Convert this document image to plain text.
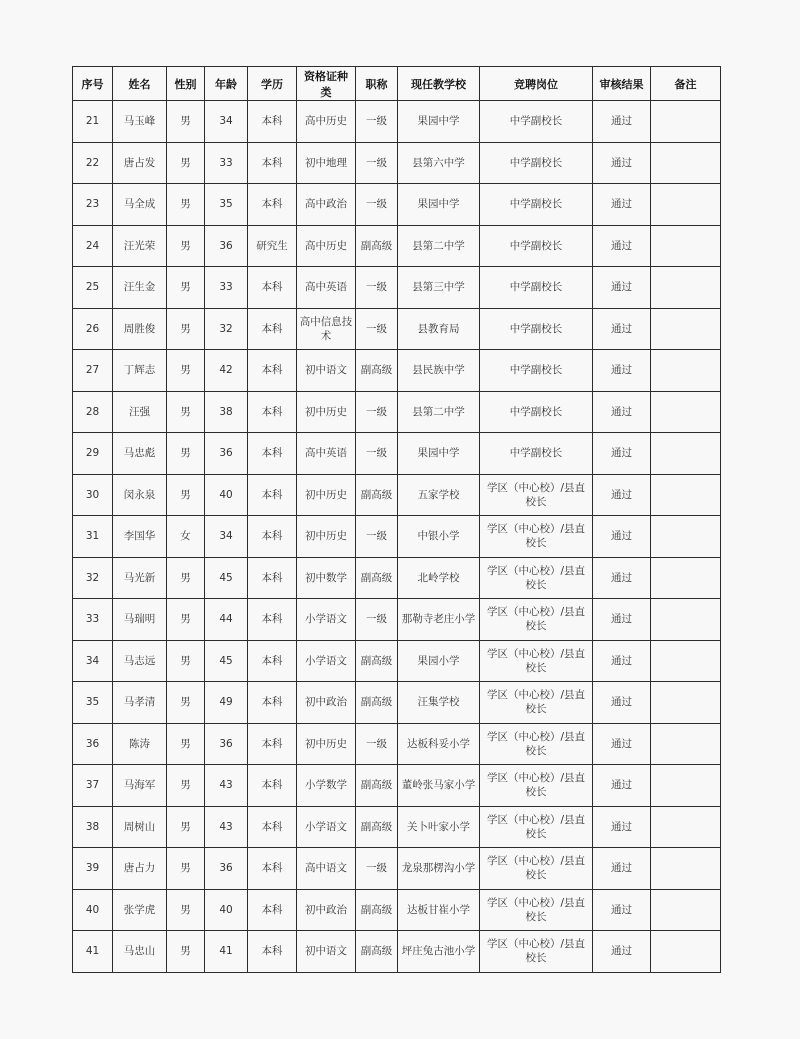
序号	姓名	性别	年龄	学历	资格证种类	职称	现任教学校	竞聘岗位	审核结果	备注
21	马玉峰	男	34	本科	高中历史	一级	果园中学	中学副校长	通过	
22	唐占发	男	33	本科	初中地理	一级	县第六中学	中学副校长	通过	
23	马全成	男	35	本科	高中政治	一级	果园中学	中学副校长	通过	
24	汪光荣	男	36	研究生	高中历史	副高级	县第二中学	中学副校长	通过	
25	汪生金	男	33	本科	高中英语	一级	县第三中学	中学副校长	通过	
26	周胜俊	男	32	本科	高中信息技术	一级	县教育局	中学副校长	通过	
27	丁辉志	男	42	本科	初中语文	副高级	县民族中学	中学副校长	通过	
28	汪强	男	38	本科	初中历史	一级	县第二中学	中学副校长	通过	
29	马忠彪	男	36	本科	高中英语	一级	果园中学	中学副校长	通过	
30	闵永泉	男	40	本科	初中历史	副高级	五家学校	学区（中心校）/县直校长	通过	
31	李国华	女	34	本科	初中历史	一级	中银小学	学区（中心校）/县直校长	通过	
32	马光新	男	45	本科	初中数学	副高级	北岭学校	学区（中心校）/县直校长	通过	
33	马瑞明	男	44	本科	小学语文	一级	那勒寺老庄小学	学区（中心校）/县直校长	通过	
34	马志远	男	45	本科	小学语文	副高级	果园小学	学区（中心校）/县直校长	通过	
35	马孝清	男	49	本科	初中政治	副高级	汪集学校	学区（中心校）/县直校长	通过	
36	陈涛	男	36	本科	初中历史	一级	达板科妥小学	学区（中心校）/县直校长	通过	
37	马海军	男	43	本科	小学数学	副高级	董岭张马家小学	学区（中心校）/县直校长	通过	
38	周树山	男	43	本科	小学语文	副高级	关卜叶家小学	学区（中心校）/县直校长	通过	
39	唐占力	男	36	本科	高中语文	一级	龙泉那楞沟小学	学区（中心校）/县直校长	通过	
40	张学虎	男	40	本科	初中政治	副高级	达板甘崔小学	学区（中心校）/县直校长	通过	
41	马忠山	男	41	本科	初中语文	副高级	坪庄兔古池小学	学区（中心校）/县直校长	通过	
